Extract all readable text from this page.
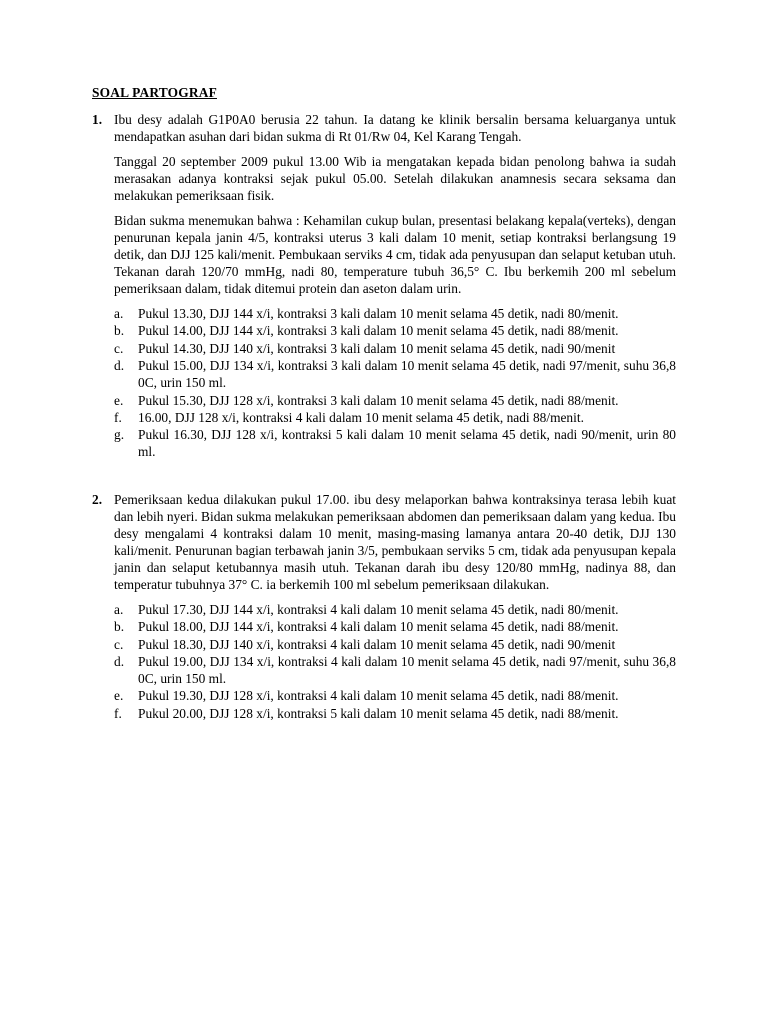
SOAL PARTOGRAF
1. Ibu desy adalah G1P0A0 berusia 22 tahun. Ia datang ke klinik bersalin bersama keluarganya untuk mendapatkan asuhan dari bidan sukma di Rt 01/Rw 04, Kel Karang Tengah.

Tanggal 20 september 2009 pukul 13.00 Wib ia mengatakan kepada bidan penolong bahwa ia sudah merasakan adanya kontraksi sejak pukul 05.00. Setelah dilakukan anamnesis secara seksama dan melakukan pemeriksaan fisik.

Bidan sukma menemukan bahwa : Kehamilan cukup bulan, presentasi belakang kepala(verteks), dengan penurunan kepala janin 4/5, kontraksi uterus 3 kali dalam 10 menit, setiap kontraksi berlangsung 19 detik, dan DJJ 125 kali/menit. Pembukaan serviks 4 cm, tidak ada penyusupan dan selaput ketuban utuh. Tekanan darah 120/70 mmHg, nadi 80, temperature tubuh 36,5° C. Ibu berkemih 200 ml sebelum pemeriksaan dalam, tidak ditemui protein dan aseton dalam urin.

a.	Pukul 13.30, DJJ 144 x/i, kontraksi 3 kali dalam 10 menit selama 45 detik, nadi 80/menit.
b.	Pukul 14.00, DJJ 144 x/i, kontraksi 3 kali dalam 10 menit selama 45 detik, nadi 88/menit.
c.	Pukul 14.30, DJJ 140 x/i, kontraksi 3 kali dalam 10 menit selama 45 detik, nadi 90/menit
d.	Pukul 15.00, DJJ 134 x/i, kontraksi 3 kali dalam 10 menit selama 45 detik, nadi 97/menit, suhu 36,8 0C, urin 150 ml.
e.	Pukul 15.30, DJJ 128 x/i, kontraksi 3 kali dalam 10 menit selama 45 detik, nadi 88/menit.
f.	16.00, DJJ 128 x/i, kontraksi 4 kali dalam 10 menit selama 45 detik, nadi 88/menit.
g.	Pukul 16.30, DJJ 128 x/i, kontraksi 5 kali dalam 10 menit selama 45 detik, nadi 90/menit, urin 80 ml.
2. Pemeriksaan kedua dilakukan pukul 17.00. ibu desy melaporkan bahwa kontraksinya terasa lebih kuat dan lebih nyeri. Bidan sukma melakukan pemeriksaan abdomen dan pemeriksaan dalam yang kedua. Ibu desy mengalami 4 kontraksi dalam 10 menit, masing-masing lamanya antara 20-40 detik, DJJ 130 kali/menit. Penurunan bagian terbawah janin 3/5, pembukaan serviks 5 cm, tidak ada penyusupan kepala janin dan selaput ketubannya masih utuh. Tekanan darah ibu desy 120/80 mmHg, nadinya 88, dan temperatur tubuhnya 37° C. ia berkemih 100 ml sebelum pemeriksaan dilakukan.

a.	Pukul 17.30, DJJ 144 x/i, kontraksi 4 kali dalam 10 menit selama 45 detik, nadi 80/menit.
b.	Pukul 18.00, DJJ 144 x/i, kontraksi 4 kali dalam 10 menit selama 45 detik, nadi 88/menit.
c.	Pukul 18.30, DJJ 140 x/i, kontraksi 4 kali dalam 10 menit selama 45 detik, nadi 90/menit
d.	Pukul 19.00, DJJ 134 x/i, kontraksi 4 kali dalam 10 menit selama 45 detik, nadi 97/menit, suhu 36,8 0C, urin 150 ml.
e.	Pukul 19.30, DJJ 128 x/i, kontraksi 4 kali dalam 10 menit selama 45 detik, nadi 88/menit.
f.	Pukul 20.00, DJJ 128 x/i, kontraksi 5 kali dalam 10 menit selama 45 detik, nadi 88/menit.
